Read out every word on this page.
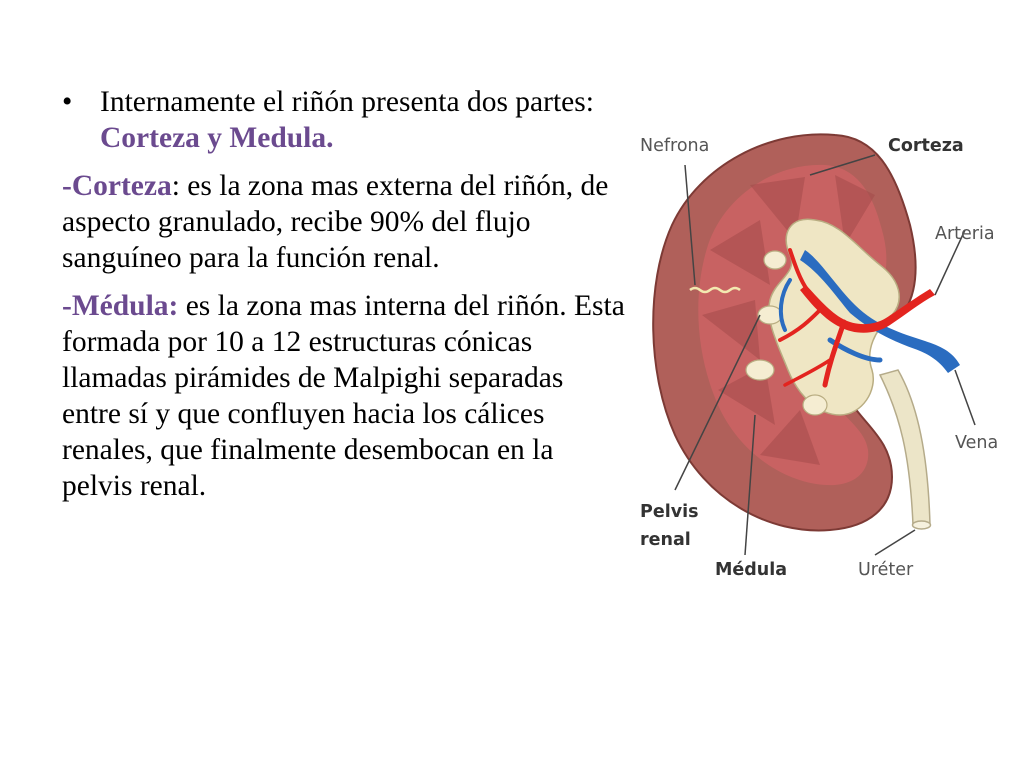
• Internamente el riñón presenta dos partes: Corteza y Medula.

-Corteza: es la zona mas externa del riñón, de aspecto granulado, recibe 90% del flujo sanguíneo para la función renal.

-Médula: es la zona mas interna del riñón. Esta formada por 10 a 12 estructuras cónicas llamadas pirámides de Malpighi separadas entre sí y que confluyen hacia los cálices renales, que finalmente desembocan en la pelvis renal.

Nefrona	Corteza
Arteria
Vena
Pelvis
renal
Médula	Uréter
